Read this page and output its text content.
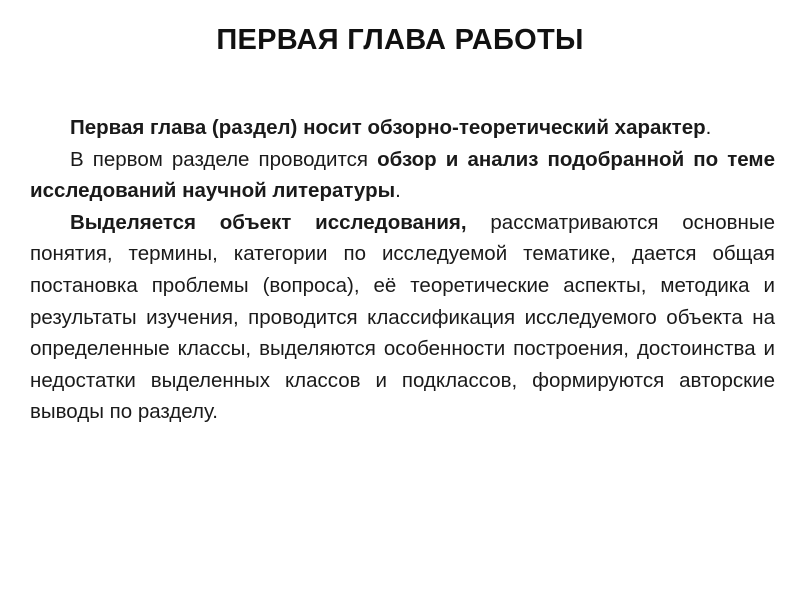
ПЕРВАЯ ГЛАВА РАБОТЫ

Первая глава (раздел) носит обзорно-теоретический характер.

В первом разделе проводится обзор и анализ подобранной по теме исследований научной литературы.

Выделяется объект исследования, рассматриваются основные понятия, термины, категории по исследуемой тематике, дается общая постановка проблемы (вопроса), её теоретические аспекты, методика и результаты изучения, проводится классификация исследуемого объекта на определенные классы, выделяются особенности построения, достоинства и недостатки выделенных классов и подклассов, формируются авторские выводы по разделу.
